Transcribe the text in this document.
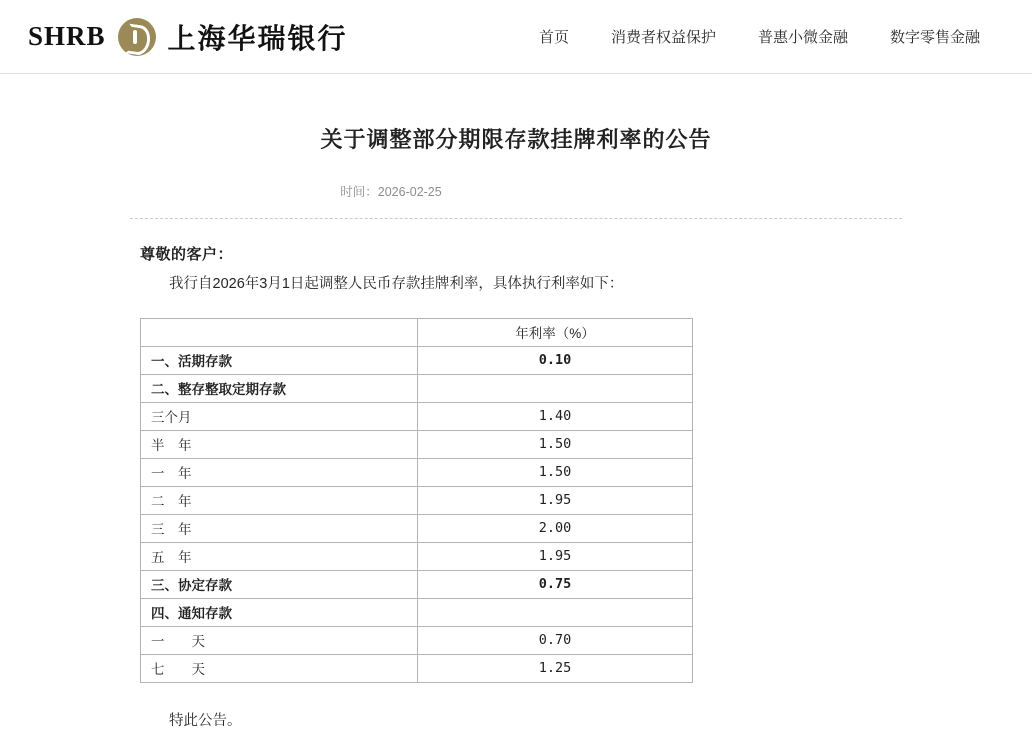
SHRB 上海华瑞银行	首页	消费者权益保护	普惠小微金融	数字零售金融
关于调整部分期限存款挂牌利率的公告
时间：2026-02-25
尊敬的客户：
我行自2026年3月1日起调整人民币存款挂牌利率，具体执行利率如下：
	年利率（%）
一、活期存款	0.10
二、整存整取定期存款	
三个月	1.40
半　年	1.50
一　年	1.50
二　年	1.95
三　年	2.00
五　年	1.95
三、协定存款	0.75
四、通知存款	
一　　天	0.70
七　　天	1.25
特此公告。
